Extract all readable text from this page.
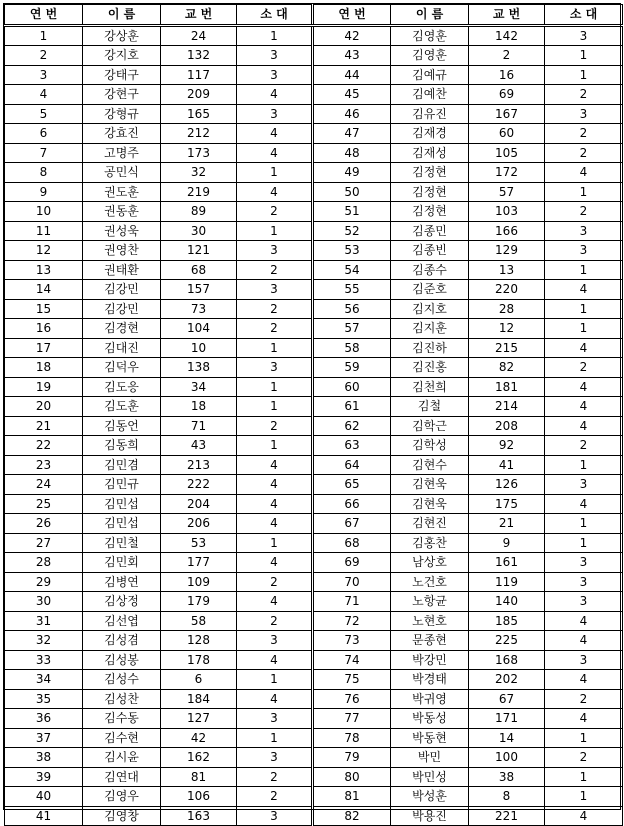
연 번	이 름	교 번	소 대	연 번	이 름	교 번	소 대
1	강상훈	24	1	42	김영훈	142	3
2	강지호	132	3	43	김영훈	2	1
3	강태구	117	3	44	김예규	16	1
4	강현구	209	4	45	김예찬	69	2
5	강형규	165	3	46	김유진	167	3
6	강효진	212	4	47	김재경	60	2
7	고명주	173	4	48	김재성	105	2
8	공민식	32	1	49	김정현	172	4
9	권도훈	219	4	50	김정현	57	1
10	권동훈	89	2	51	김정현	103	2
11	권성욱	30	1	52	김종민	166	3
12	권영찬	121	3	53	김종빈	129	3
13	권태환	68	2	54	김종수	13	1
14	김강민	157	3	55	김준호	220	4
15	김강민	73	2	56	김지호	28	1
16	김경현	104	2	57	김지훈	12	1
17	김대진	10	1	58	김진하	215	4
18	김덕우	138	3	59	김진홍	82	2
19	김도응	34	1	60	김천희	181	4
20	김도훈	18	1	61	김철	214	4
21	김동언	71	2	62	김학근	208	4
22	김동희	43	1	63	김학성	92	2
23	김민겸	213	4	64	김현수	41	1
24	김민규	222	4	65	김현욱	126	3
25	김민섭	204	4	66	김현욱	175	4
26	김민섭	206	4	67	김현진	21	1
27	김민철	53	1	68	김홍찬	9	1
28	김민회	177	4	69	남상호	161	3
29	김병연	109	2	70	노건호	119	3
30	김상정	179	4	71	노항균	140	3
31	김선엽	58	2	72	노현호	185	4
32	김성겸	128	3	73	문종현	225	4
33	김성봉	178	4	74	박강민	168	3
34	김성수	6	1	75	박경태	202	4
35	김성찬	184	4	76	박귀영	67	2
36	김수동	127	3	77	박동성	171	4
37	김수현	42	1	78	박동현	14	1
38	김시윤	162	3	79	박민	100	2
39	김연대	81	2	80	박민성	38	1
40	김영우	106	2	81	박성훈	8	1
41	김영창	163	3	82	박용진	221	4
